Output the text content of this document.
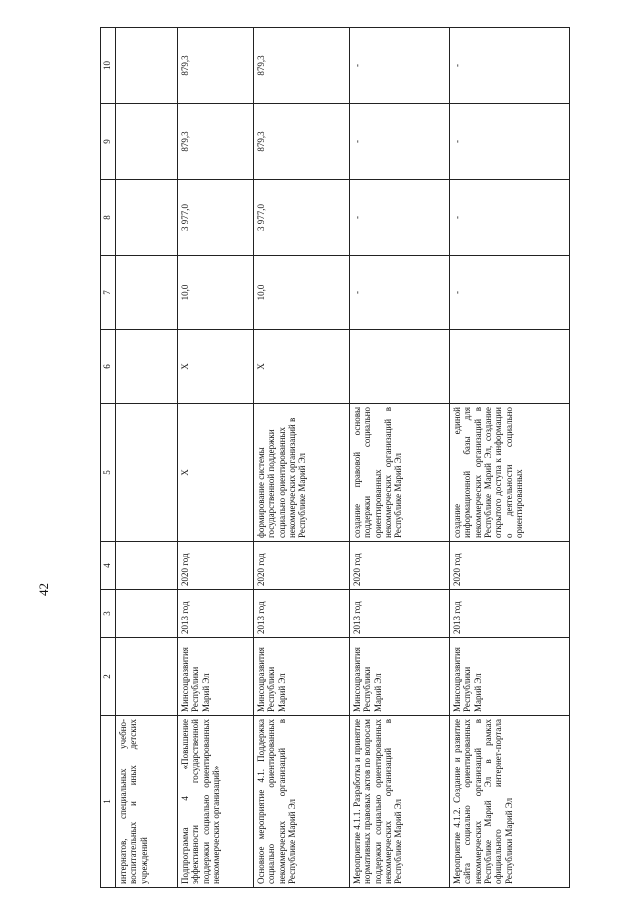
42
1	2	3	4	5	6	7	8	9	10
интернатов, специальных учебно-воспитательных и иных детских учреждений									
Подпрограмма 4 «Повышение эффективности государственной поддержки социально ориентированных некоммерческих организаций»	Минсоцразвития Республики Марий Эл	2013 год	2020 год	X	X	10,0	3 977,0	879,3	879,3
Основное мероприятие 4.1. Поддержка социально ориентированных некоммерческих организаций в Республике Марий Эл	Минсоцразвития Республики Марий Эл	2013 год	2020 год	формирование системы государственной поддержки социально ориентированных некоммерческих организаций в Республике Марий Эл	X	10,0	3 977,0	879,3	879,3
Мероприятие 4.1.1. Разработка и принятие нормативных правовых актов по вопросам поддержки социально ориентированных некоммерческих организаций в Республике Марий Эл	Минсоцразвития Республики Марий Эл	2013 год	2020 год	создание правовой основы поддержки социально ориентированных некоммерческих организаций в Республике Марий Эл		-	-	-	-
Мероприятие 4.1.2. Создание и развитие сайта социально ориентированных некоммерческих организаций в Республике Марий Эл в рамках официального интернет-портала Республики Марий Эл	Минсоцразвития Республики Марий Эл	2013 год	2020 год	создание единой информационной базы для некоммерческих организаций в Республике Марий Эл, создание открытого доступа к информации о деятельности социально ориентированных		-	-	-	-
